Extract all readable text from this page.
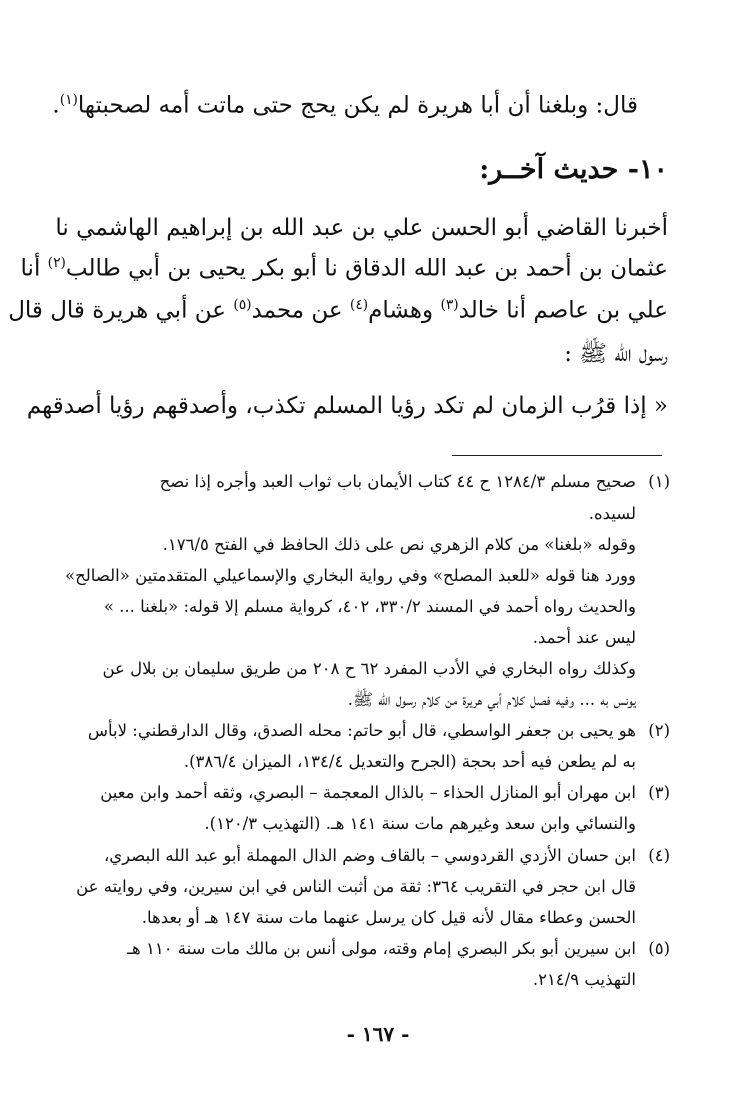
قال: وبلغنا أن أبا هريرة لم يكن يحج حتى ماتت أمه لصحبتها$^{(١)}$.
١٠- حديث آخــر:
أخبرنا القاضي أبو الحسن علي بن عبد الله بن إبراهيم الهاشمي نا
عثمان بن أحمد بن عبد الله الدقاق نا أبو بكر يحيى بن أبي طالب$^{(٢)}$ أنا
علي بن عاصم أنا خالد$^{(٣)}$ وهشام$^{(٤)}$ عن محمد$^{(٥)}$ عن أبي هريرة قال قال
رسول الله ﷺ :
« إذا قرُب الزمان لم تكد رؤيا المسلم تكذب، وأصدقهم رؤيا أصدقهم
(١)صحيح مسلم ١٢٨٤/٣ ح ٤٤ كتاب الأيمان باب ثواب العبد وأجره إذا نصح
لسيده.
وقوله «بلغنا» من كلام الزهري نص على ذلك الحافظ في الفتح ١٧٦/٥.
وورد هنا قوله «للعبد المصلح» وفي رواية البخاري والإسماعيلي المتقدمتين «الصالح»
والحديث رواه أحمد في المسند ٣٣٠/٢، ٤٠٢، كرواية مسلم إلا قوله: «بلغنا ... »
ليس عند أحمد.
وكذلك رواه البخاري في الأدب المفرد ٦٢ ح ٢٠٨ من طريق سليمان بن بلال عن
يونس به ... وفيه فصل كلام أبي هريرة من كلام رسول الله ﷺ.
(٢)هو يحيى بن جعفر الواسطي، قال أبو حاتم: محله الصدق، وقال الدارقطني: لابأس
به لم يطعن فيه أحد بحجة (الجرح والتعديل ١٣٤/٤، الميزان ٣٨٦/٤).
(٣)ابن مهران أبو المنازل الحذاء – بالذال المعجمة – البصري، وثقه أحمد وابن معين
والنسائي وابن سعد وغيرهم مات سنة ١٤١ هـ. (التهذيب ١٢٠/٣).
(٤)ابن حسان الأزدي القردوسي – بالقاف وضم الدال المهملة أبو عبد الله البصري،
قال ابن حجر في التقريب ٣٦٤: ثقة من أثبت الناس في ابن سيرين، وفي روايته عن
الحسن وعطاء مقال لأنه قيل كان يرسل عنهما مات سنة ١٤٧ هـ أو بعدها.
(٥)ابن سيرين أبو بكر البصري إمام وقته، مولى أنس بن مالك مات سنة ١١٠ هـ
التهذيب ٢١٤/٩.
- ١٦٧ -
